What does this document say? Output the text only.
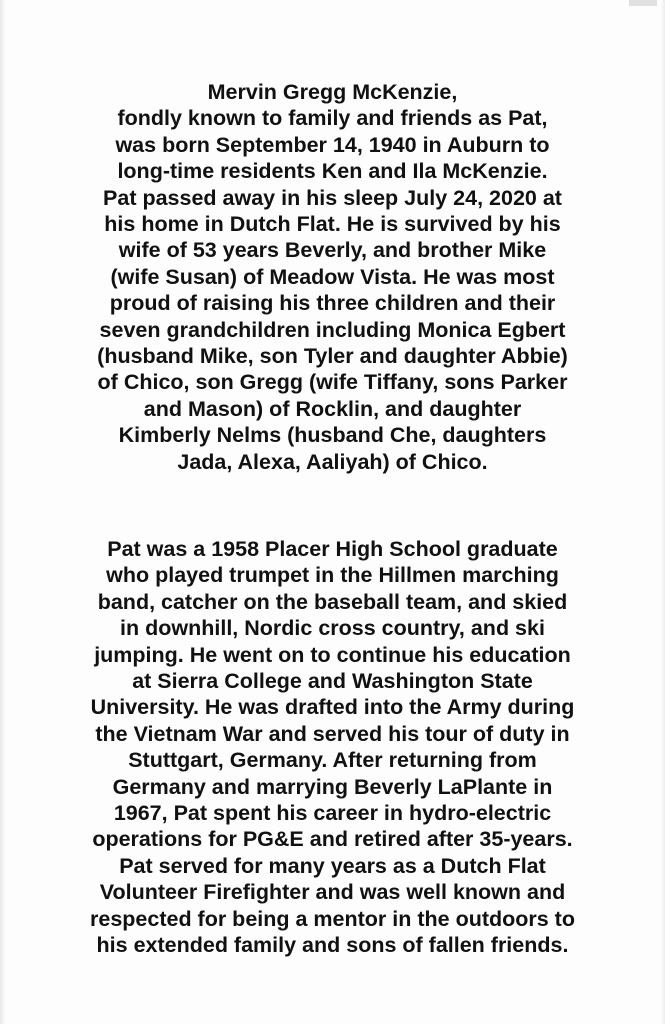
Mervin Gregg McKenzie,
fondly known to family and friends as Pat,
was born September 14, 1940 in Auburn to
long-time residents Ken and Ila McKenzie.
Pat passed away in his sleep July 24, 2020 at
his home in Dutch Flat. He is survived by his
wife of 53 years Beverly, and brother Mike
(wife Susan) of Meadow Vista. He was most
proud of raising his three children and their
seven grandchildren including Monica Egbert
(husband Mike, son Tyler and daughter Abbie)
of Chico, son Gregg (wife Tiffany, sons Parker
and Mason) of Rocklin, and daughter
Kimberly Nelms (husband Che, daughters
Jada, Alexa, Aaliyah) of Chico.

Pat was a 1958 Placer High School graduate
who played trumpet in the Hillmen marching
band, catcher on the baseball team, and skied
in downhill, Nordic cross country, and ski
jumping. He went on to continue his education
at Sierra College and Washington State
University. He was drafted into the Army during
the Vietnam War and served his tour of duty in
Stuttgart, Germany. After returning from
Germany and marrying Beverly LaPlante in
1967, Pat spent his career in hydro-electric
operations for PG&E and retired after 35-years.
Pat served for many years as a Dutch Flat
Volunteer Firefighter and was well known and
respected for being a mentor in the outdoors to
his extended family and sons of fallen friends.
